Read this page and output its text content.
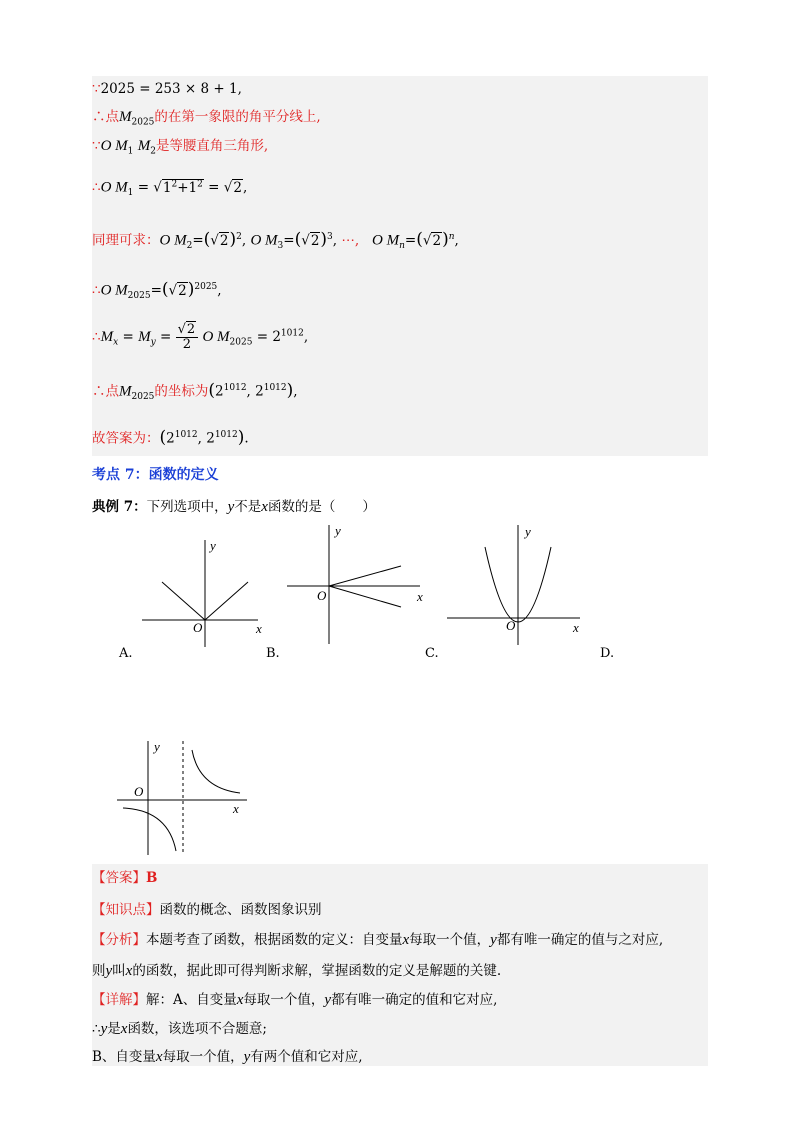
∵2025 = 253 × 8 + 1,
∴点$M_{2025}$的在第一象限的角平分线上,
∵O $M_1$ $M_2$是等腰直角三角形,
∴O $M_1 = √1^2+1^2 = √2$,
同理可求：O $M_2=(√2)^2$, O $M_3=(√2)^3$, ⋯, O $M_n=(√2)^n$,
∴O $M_{2025}=(√2)^{2025}$,
$\therefore M_x = M_y = \frac{√2}{2}$ O $M_{2025} = 2^{1012}$,
∴点$M_{2025}$的坐标为($2^{1012}$, $2^{1012}$),
故答案为：($2^{1012}$, $2^{1012}$).
考点 7：函数的定义
典例 7：下列选项中，y不是x函数的是（　　）
y
O	x
y
O	x
y
O	x
A.	B.	C.	D.
y
O
x
【答案】B
【知识点】函数的概念、函数图象识别
【分析】本题考查了函数，根据函数的定义：自变量x每取一个值，y都有唯一确定的值与之对应,
则y叫x的函数，据此即可得判断求解，掌握函数的定义是解题的关键.
【详解】解：A、自变量x每取一个值，y都有唯一确定的值和它对应,
∴y是x函数，该选项不合题意;
B、自变量x每取一个值，y有两个值和它对应,
